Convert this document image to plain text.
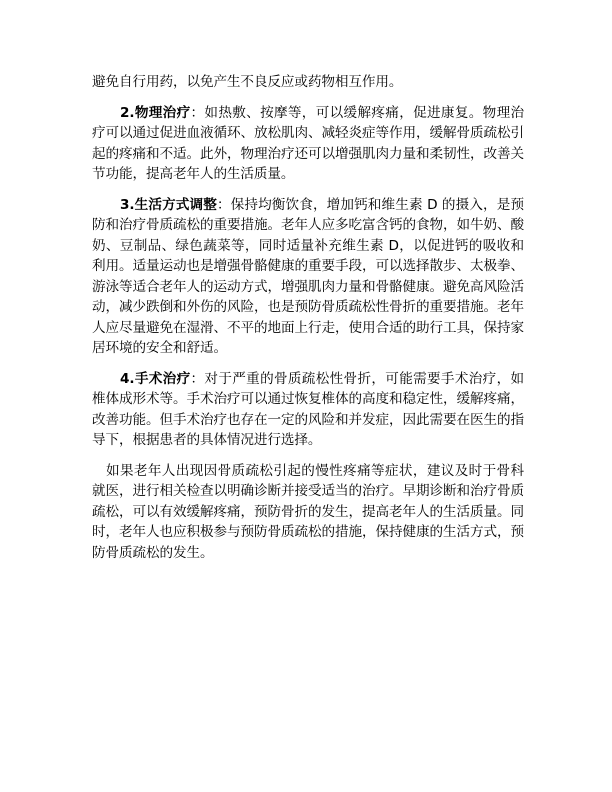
避免自行用药，以免产生不良反应或药物相互作用。

2.物理治疗：如热敷、按摩等，可以缓解疼痛，促进康复。物理治疗可以通过促进血液循环、放松肌肉、减轻炎症等作用，缓解骨质疏松引起的疼痛和不适。此外，物理治疗还可以增强肌肉力量和柔韧性，改善关节功能，提高老年人的生活质量。

3.生活方式调整：保持均衡饮食，增加钙和维生素 D 的摄入，是预防和治疗骨质疏松的重要措施。老年人应多吃富含钙的食物，如牛奶、酸奶、豆制品、绿色蔬菜等，同时适量补充维生素 D，以促进钙的吸收和利用。适量运动也是增强骨骼健康的重要手段，可以选择散步、太极拳、游泳等适合老年人的运动方式，增强肌肉力量和骨骼健康。避免高风险活动，减少跌倒和外伤的风险，也是预防骨质疏松性骨折的重要措施。老年人应尽量避免在湿滑、不平的地面上行走，使用合适的助行工具，保持家居环境的安全和舒适。

4.手术治疗：对于严重的骨质疏松性骨折，可能需要手术治疗，如椎体成形术等。手术治疗可以通过恢复椎体的高度和稳定性，缓解疼痛，改善功能。但手术治疗也存在一定的风险和并发症，因此需要在医生的指导下，根据患者的具体情况进行选择。

如果老年人出现因骨质疏松引起的慢性疼痛等症状，建议及时于骨科就医，进行相关检查以明确诊断并接受适当的治疗。早期诊断和治疗骨质疏松，可以有效缓解疼痛，预防骨折的发生，提高老年人的生活质量。同时，老年人也应积极参与预防骨质疏松的措施，保持健康的生活方式，预防骨质疏松的发生。
